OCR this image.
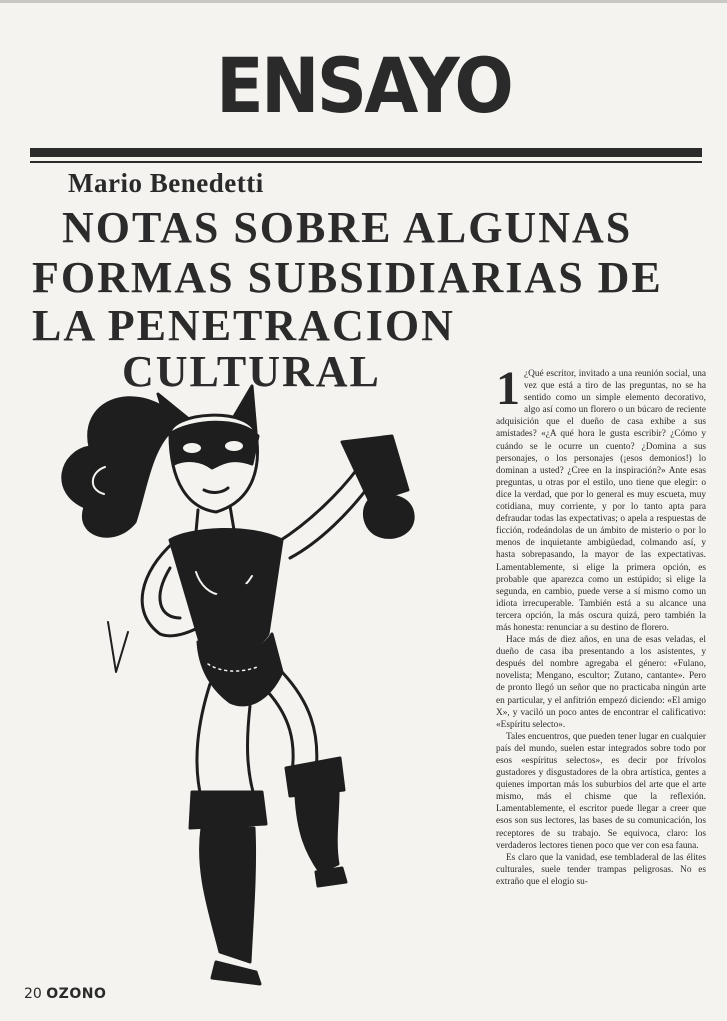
ENSAYO
Mario Benedetti
NOTAS SOBRE ALGUNAS
FORMAS SUBSIDIARIAS DE
LA PENETRACION
CULTURAL 1 ¿Qué escritor, invitado a una reunión social, una vez que está a tiro de las preguntas, no se ha sentido como un simple elemento decorativo, algo así como un florero o un búcaro de reciente adquisición que el dueño de casa exhibe a sus amistades? «¿A qué hora le gusta escribir? ¿Cómo y cuándo se le ocurre un cuento? ¿Domina a sus personajes, o los personajes (¡esos demonios!) lo dominan a usted? ¿Cree en la inspiración?» Ante esas preguntas, u otras por el estilo, uno tiene que elegir: o dice la verdad, que por lo general es muy escueta, muy cotidiana, muy corriente, y por lo tanto apta para defraudar todas las expectativas; o apela a respuestas de ficción, rodeándolas de un ámbito de misterio o por lo menos de inquietante ambigüedad, colmando así, y hasta sobrepasando, la mayor de las expectativas. Lamentablemente, si elige la primera opción, es probable que aparezca como un estúpido; si elige la segunda, en cambio, puede verse a sí mismo como un idiota irrecuperable. También está a su alcance una tercera opción, la más oscura quizá, pero también la más honesta: renunciar a su destino de florero.

Hace más de diez años, en una de esas veladas, el dueño de casa iba presentando a los asistentes, y después del nombre agregaba el género: «Fulano, novelista; Mengano, escultor; Zutano, cantante». Pero de pronto llegó un señor que no practicaba ningún arte en particular, y el anfitrión empezó diciendo: «El amigo X», y vaciló un poco antes de encontrar el calificativo: «Espíritu selecto».

Tales encuentros, que pueden tener lugar en cualquier país del mundo, suelen estar integrados sobre todo por esos «espíritus selectos», es decir por frívolos gustadores y disgustadores de la obra artística, gentes a quienes importan más los suburbios del arte que el arte mismo, más el chisme que la reflexión. Lamentablemente, el escritor puede llegar a creer que esos son sus lectores, las bases de su comunicación, los receptores de su trabajo. Se equivoca, claro: los verdaderos lectores tienen poco que ver con esa fauna.

Es claro que la vanidad, ese tembladeral de las élites culturales, suele tender trampas peligrosas. No es extraño que el elogio su-

20 OZONO
